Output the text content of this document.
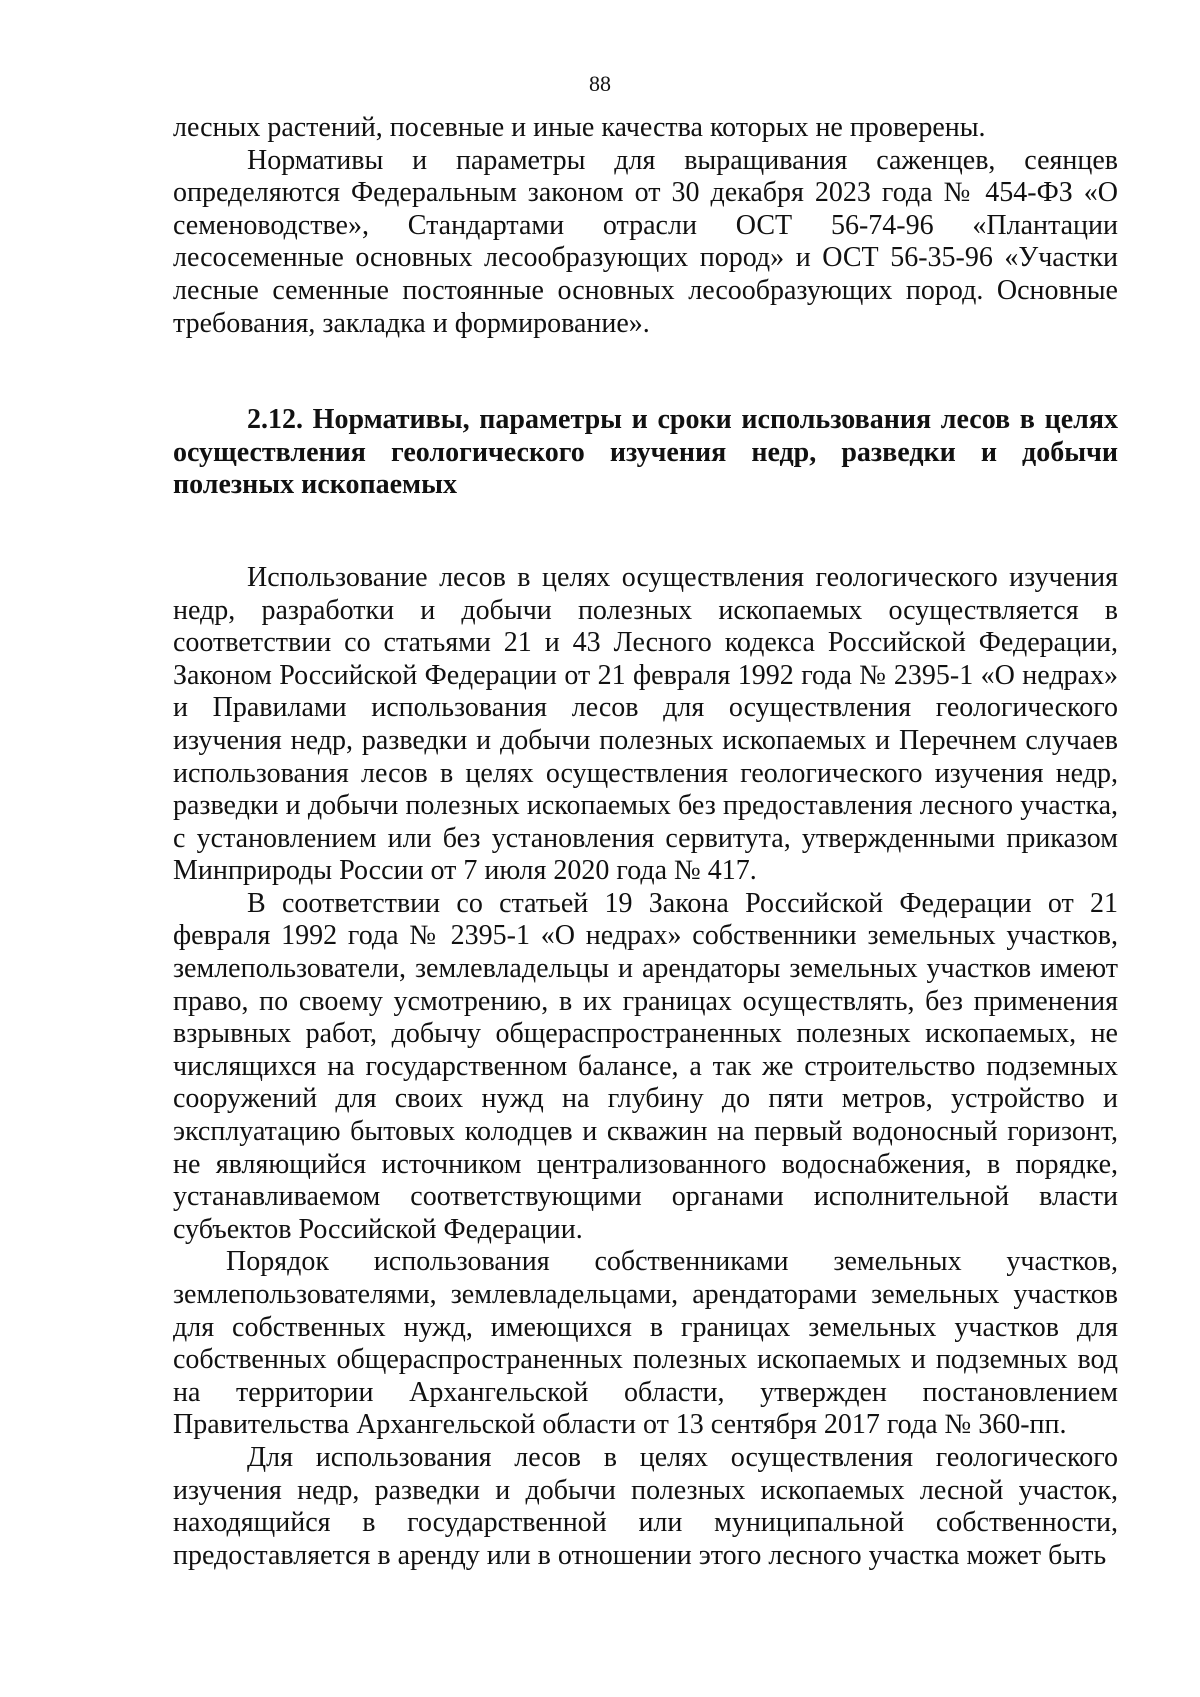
88

лесных растений, посевные и иные качества которых не проверены.

Нормативы и параметры для выращивания саженцев, сеянцев определяются Федеральным законом от 30 декабря 2023 года № 454-ФЗ «О семеноводстве», Стандартами отрасли ОСТ 56-74-96 «Плантации лесосеменные основных лесообразующих пород» и ОСТ 56-35-96 «Участки лесные семенные постоянные основных лесообразующих пород. Основные требования, закладка и формирование».

2.12. Нормативы, параметры и сроки использования лесов в целях осуществления геологического изучения недр, разведки и добычи полезных ископаемых

Использование лесов в целях осуществления геологического изучения недр, разработки и добычи полезных ископаемых осуществляется в соответствии со статьями 21 и 43 Лесного кодекса Российской Федерации, Законом Российской Федерации от 21 февраля 1992 года № 2395-1 «О недрах» и Правилами использования лесов для осуществления геологического изучения недр, разведки и добычи полезных ископаемых и Перечнем случаев использования лесов в целях осуществления геологического изучения недр, разведки и добычи полезных ископаемых без предоставления лесного участка, с установлением или без установления сервитута, утвержденными приказом Минприроды России от 7 июля 2020 года № 417.

В соответствии со статьей 19 Закона Российской Федерации от 21 февраля 1992 года № 2395-1 «О недрах» собственники земельных участков, землепользователи, землевладельцы и арендаторы земельных участков имеют право, по своему усмотрению, в их границах осуществлять, без применения взрывных работ, добычу общераспространенных полезных ископаемых, не числящихся на государственном балансе, а так же строительство подземных сооружений для своих нужд на глубину до пяти метров, устройство и эксплуатацию бытовых колодцев и скважин на первый водоносный горизонт, не являющийся источником централизованного водоснабжения, в порядке, устанавливаемом соответствующими органами исполнительной власти субъектов Российской Федерации.

Порядок использования собственниками земельных участков, землепользователями, землевладельцами, арендаторами земельных участков для собственных нужд, имеющихся в границах земельных участков для собственных общераспространенных полезных ископаемых и подземных вод на территории Архангельской области, утвержден постановлением Правительства Архангельской области от 13 сентября 2017 года № 360-пп.

Для использования лесов в целях осуществления геологического изучения недр, разведки и добычи полезных ископаемых лесной участок, находящийся в государственной или муниципальной собственности, предоставляется в аренду или в отношении этого лесного участка может быть
